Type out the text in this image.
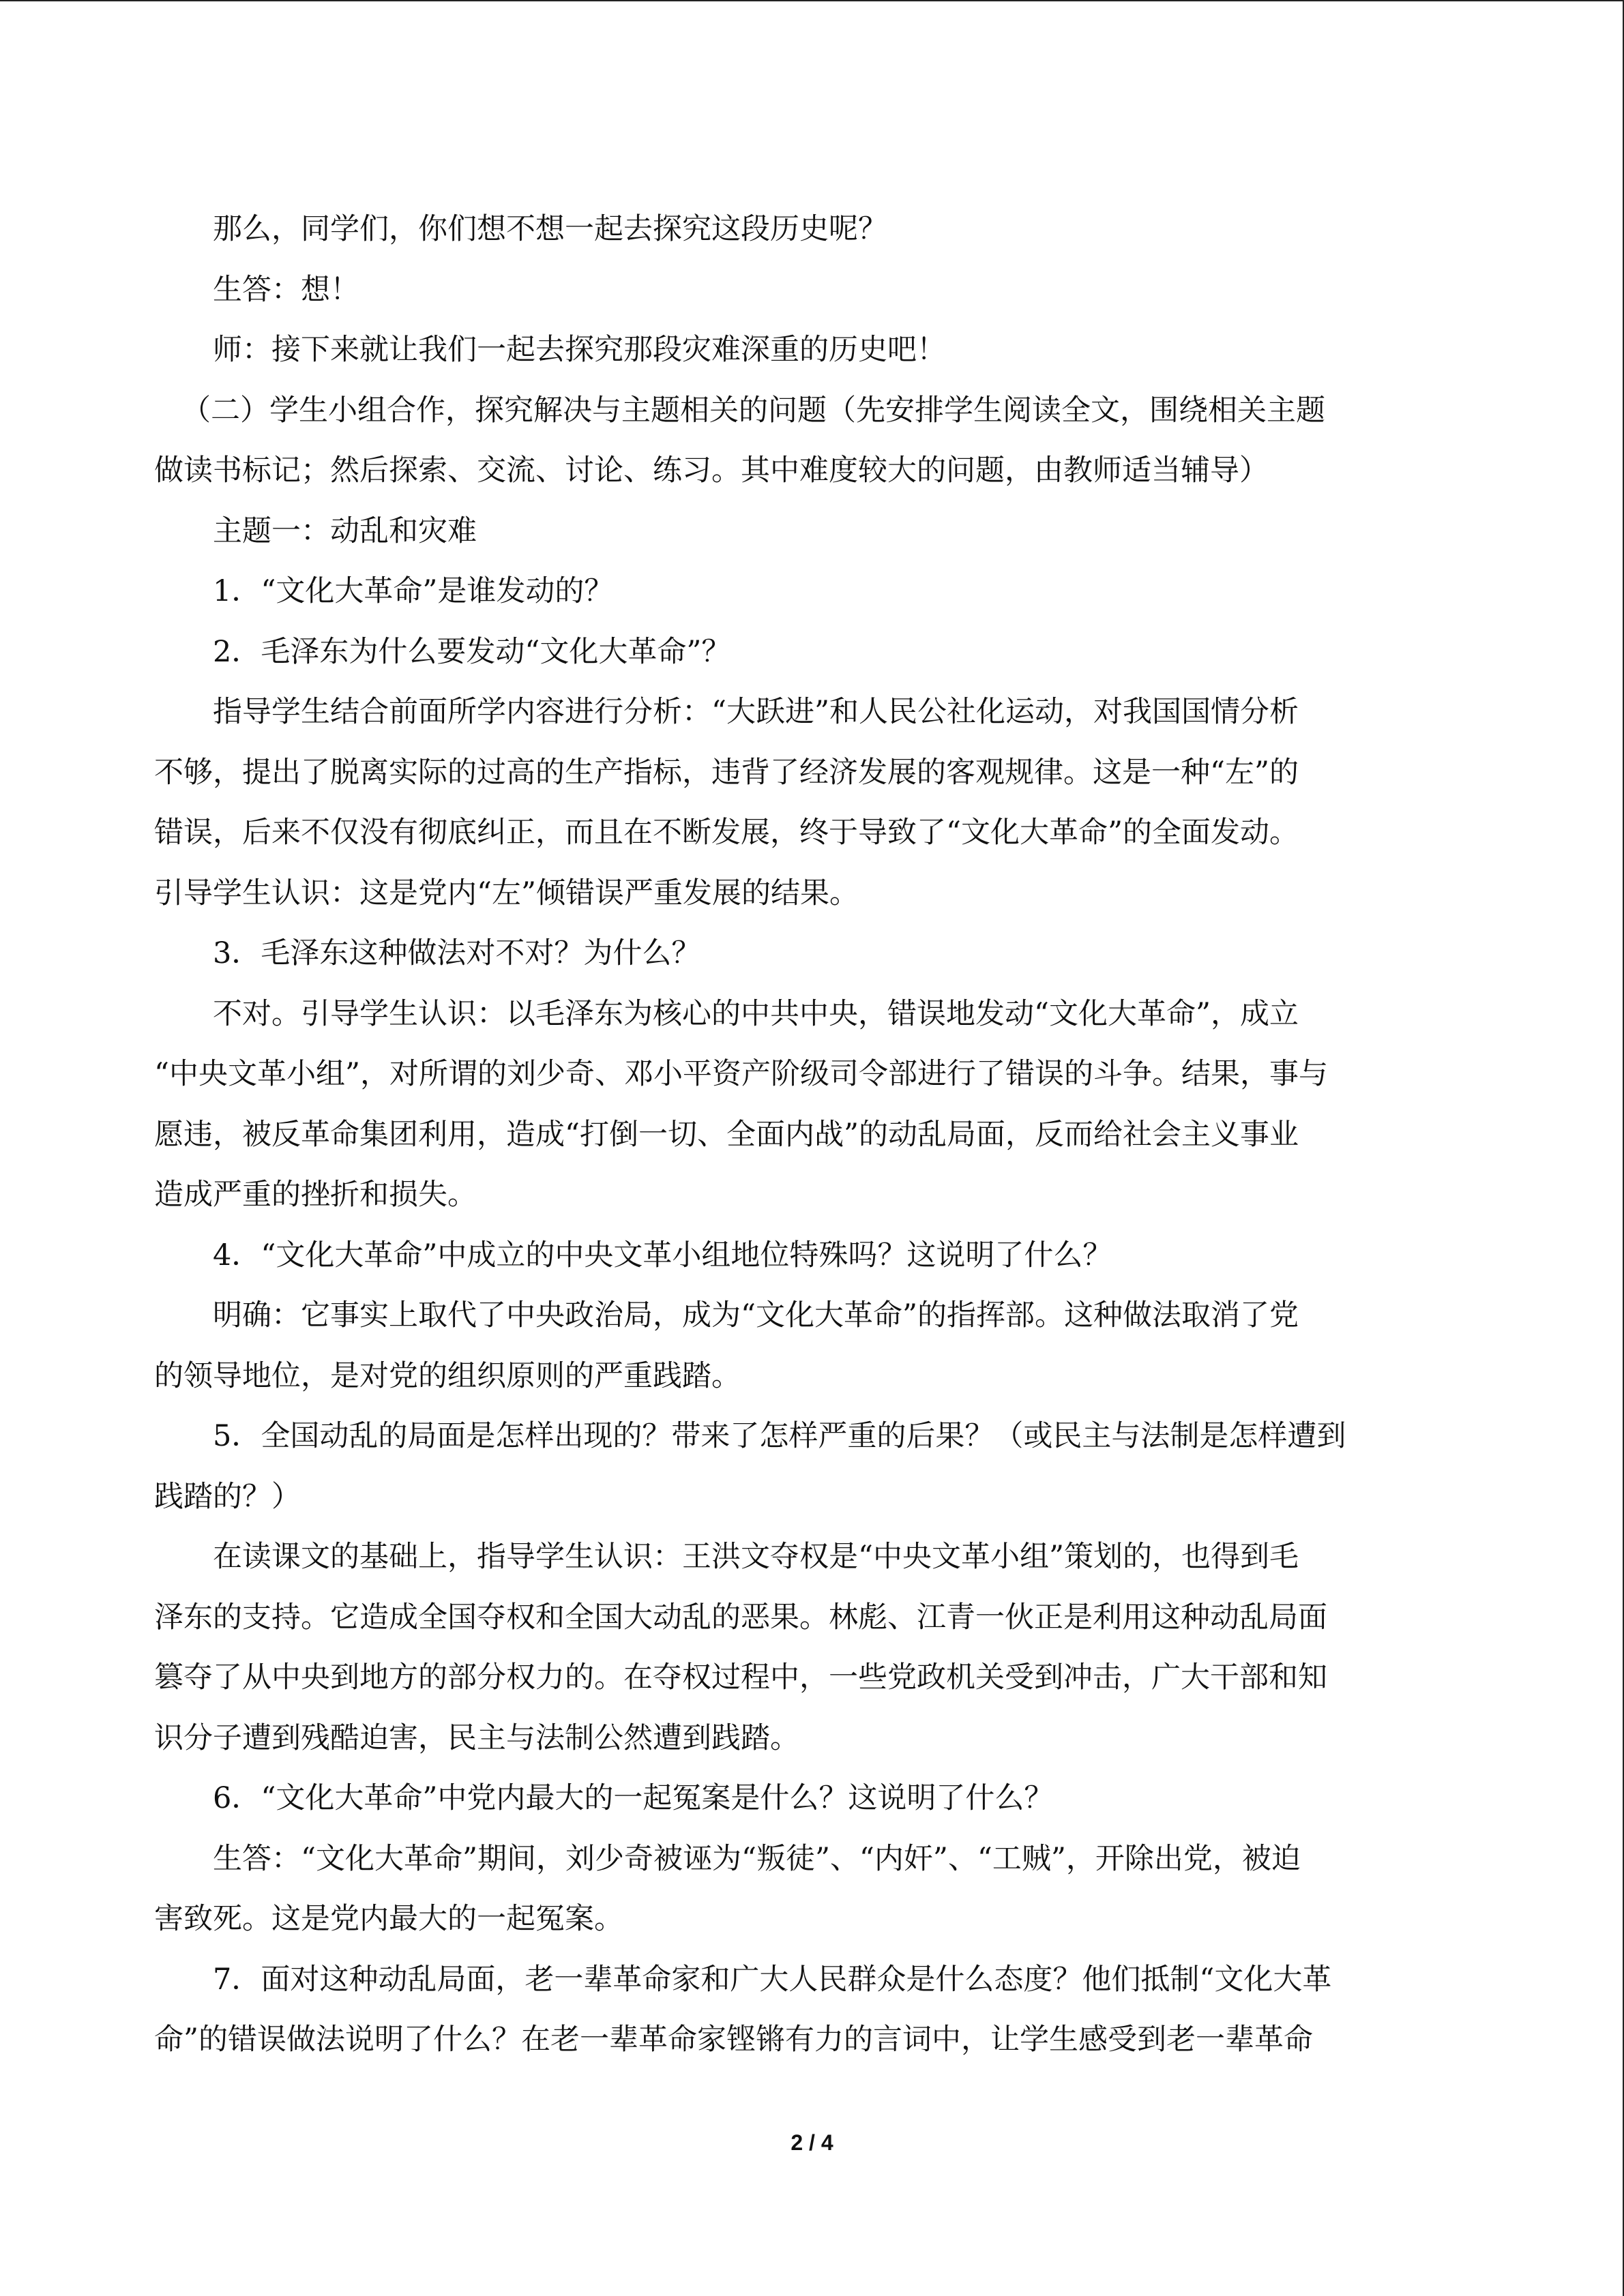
那么，同学们，你们想不想一起去探究这段历史呢？

生答：想！

师：接下来就让我们一起去探究那段灾难深重的历史吧！

（二）学生小组合作，探究解决与主题相关的问题（先安排学生阅读全文，围绕相关主题

做读书标记；然后探索、交流、讨论、练习。其中难度较大的问题，由教师适当辅导）

主题一：动乱和灾难

1．“文化大革命”是谁发动的？

2．毛泽东为什么要发动“文化大革命”？

指导学生结合前面所学内容进行分析：“大跃进”和人民公社化运动，对我国国情分析

不够，提出了脱离实际的过高的生产指标，违背了经济发展的客观规律。这是一种“左”的

错误，后来不仅没有彻底纠正，而且在不断发展，终于导致了“文化大革命”的全面发动。

引导学生认识：这是党内“左”倾错误严重发展的结果。

3．毛泽东这种做法对不对？为什么？

不对。引导学生认识：以毛泽东为核心的中共中央，错误地发动“文化大革命”，成立

“中央文革小组”，对所谓的刘少奇、邓小平资产阶级司令部进行了错误的斗争。结果，事与

愿违，被反革命集团利用，造成“打倒一切、全面内战”的动乱局面，反而给社会主义事业

造成严重的挫折和损失。

4．“文化大革命”中成立的中央文革小组地位特殊吗？这说明了什么？

明确：它事实上取代了中央政治局，成为“文化大革命”的指挥部。这种做法取消了党

的领导地位，是对党的组织原则的严重践踏。

5．全国动乱的局面是怎样出现的？带来了怎样严重的后果？（或民主与法制是怎样遭到

践踏的？）

在读课文的基础上，指导学生认识：王洪文夺权是“中央文革小组”策划的，也得到毛

泽东的支持。它造成全国夺权和全国大动乱的恶果。林彪、江青一伙正是利用这种动乱局面

篡夺了从中央到地方的部分权力的。在夺权过程中，一些党政机关受到冲击，广大干部和知

识分子遭到残酷迫害，民主与法制公然遭到践踏。

6．“文化大革命”中党内最大的一起冤案是什么？这说明了什么？

生答：“文化大革命”期间，刘少奇被诬为“叛徒”、“内奸”、“工贼”，开除出党，被迫

害致死。这是党内最大的一起冤案。

7．面对这种动乱局面，老一辈革命家和广大人民群众是什么态度？他们抵制“文化大革

命”的错误做法说明了什么？在老一辈革命家铿锵有力的言词中，让学生感受到老一辈革命

2 / 4
